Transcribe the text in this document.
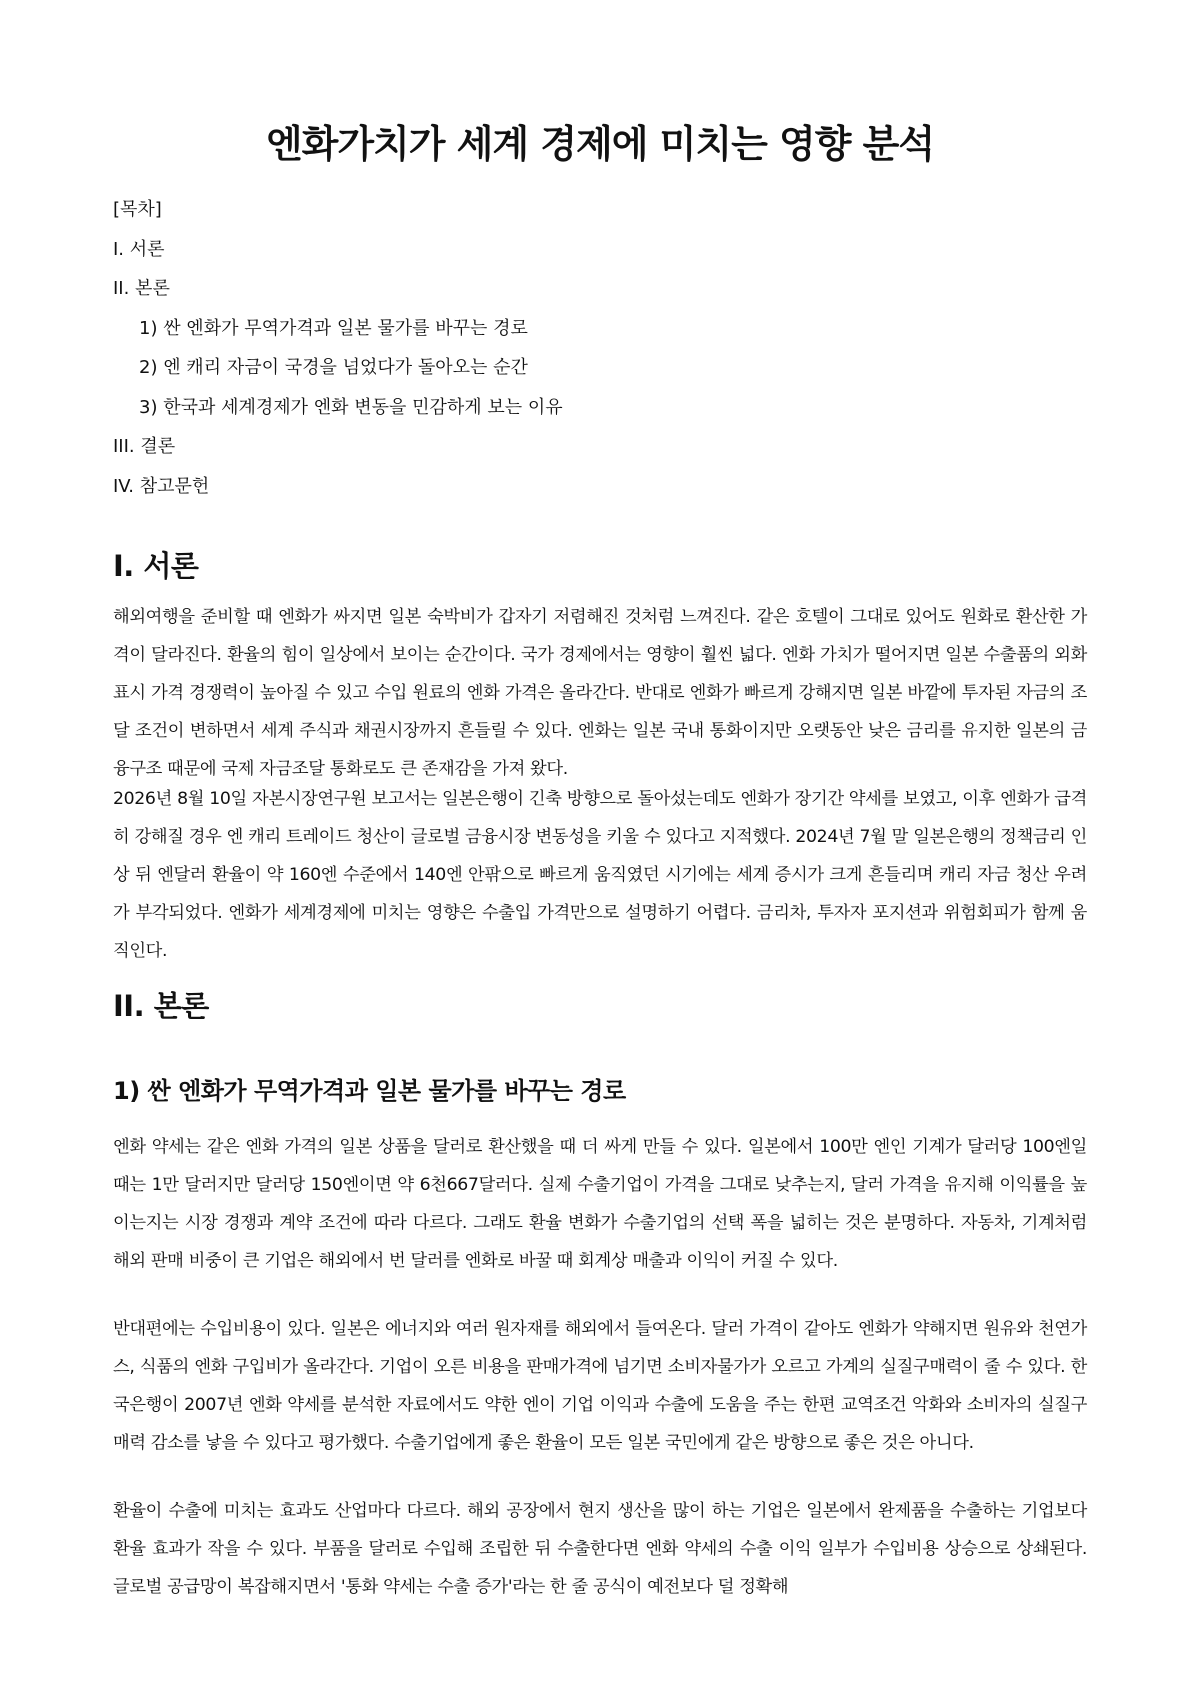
엔화가치가 세계 경제에 미치는 영향 분석
[목차]
I. 서론
II. 본론
1) 싼 엔화가 무역가격과 일본 물가를 바꾸는 경로
2) 엔 캐리 자금이 국경을 넘었다가 돌아오는 순간
3) 한국과 세계경제가 엔화 변동을 민감하게 보는 이유
III. 결론
IV. 참고문헌
I. 서론

해외여행을 준비할 때 엔화가 싸지면 일본 숙박비가 갑자기 저렴해진 것처럼 느껴진다. 같은 호텔이 그대로 있어도 원화로 환산한 가격이 달라진다. 환율의 힘이 일상에서 보이는 순간이다. 국가 경제에서는 영향이 훨씬 넓다. 엔화 가치가 떨어지면 일본 수출품의 외화 표시 가격 경쟁력이 높아질 수 있고 수입 원료의 엔화 가격은 올라간다. 반대로 엔화가 빠르게 강해지면 일본 바깥에 투자된 자금의 조달 조건이 변하면서 세계 주식과 채권시장까지 흔들릴 수 있다. 엔화는 일본 국내 통화이지만 오랫동안 낮은 금리를 유지한 일본의 금융구조 때문에 국제 자금조달 통화로도 큰 존재감을 가져 왔다.

2026년 8월 10일 자본시장연구원 보고서는 일본은행이 긴축 방향으로 돌아섰는데도 엔화가 장기간 약세를 보였고, 이후 엔화가 급격히 강해질 경우 엔 캐리 트레이드 청산이 글로벌 금융시장 변동성을 키울 수 있다고 지적했다. 2024년 7월 말 일본은행의 정책금리 인상 뒤 엔달러 환율이 약 160엔 수준에서 140엔 안팎으로 빠르게 움직였던 시기에는 세계 증시가 크게 흔들리며 캐리 자금 청산 우려가 부각되었다. 엔화가 세계경제에 미치는 영향은 수출입 가격만으로 설명하기 어렵다. 금리차, 투자자 포지션과 위험회피가 함께 움직인다.

II. 본론
1) 싼 엔화가 무역가격과 일본 물가를 바꾸는 경로

엔화 약세는 같은 엔화 가격의 일본 상품을 달러로 환산했을 때 더 싸게 만들 수 있다. 일본에서 100만 엔인 기계가 달러당 100엔일 때는 1만 달러지만 달러당 150엔이면 약 6천667달러다. 실제 수출기업이 가격을 그대로 낮추는지, 달러 가격을 유지해 이익률을 높이는지는 시장 경쟁과 계약 조건에 따라 다르다. 그래도 환율 변화가 수출기업의 선택 폭을 넓히는 것은 분명하다. 자동차, 기계처럼 해외 판매 비중이 큰 기업은 해외에서 번 달러를 엔화로 바꿀 때 회계상 매출과 이익이 커질 수 있다.

반대편에는 수입비용이 있다. 일본은 에너지와 여러 원자재를 해외에서 들여온다. 달러 가격이 같아도 엔화가 약해지면 원유와 천연가스, 식품의 엔화 구입비가 올라간다. 기업이 오른 비용을 판매가격에 넘기면 소비자물가가 오르고 가계의 실질구매력이 줄 수 있다. 한국은행이 2007년 엔화 약세를 분석한 자료에서도 약한 엔이 기업 이익과 수출에 도움을 주는 한편 교역조건 악화와 소비자의 실질구매력 감소를 낳을 수 있다고 평가했다. 수출기업에게 좋은 환율이 모든 일본 국민에게 같은 방향으로 좋은 것은 아니다.

환율이 수출에 미치는 효과도 산업마다 다르다. 해외 공장에서 현지 생산을 많이 하는 기업은 일본에서 완제품을 수출하는 기업보다 환율 효과가 작을 수 있다. 부품을 달러로 수입해 조립한 뒤 수출한다면 엔화 약세의 수출 이익 일부가 수입비용 상승으로 상쇄된다. 글로벌 공급망이 복잡해지면서 '통화 약세는 수출 증가'라는 한 줄 공식이 예전보다 덜 정확해
